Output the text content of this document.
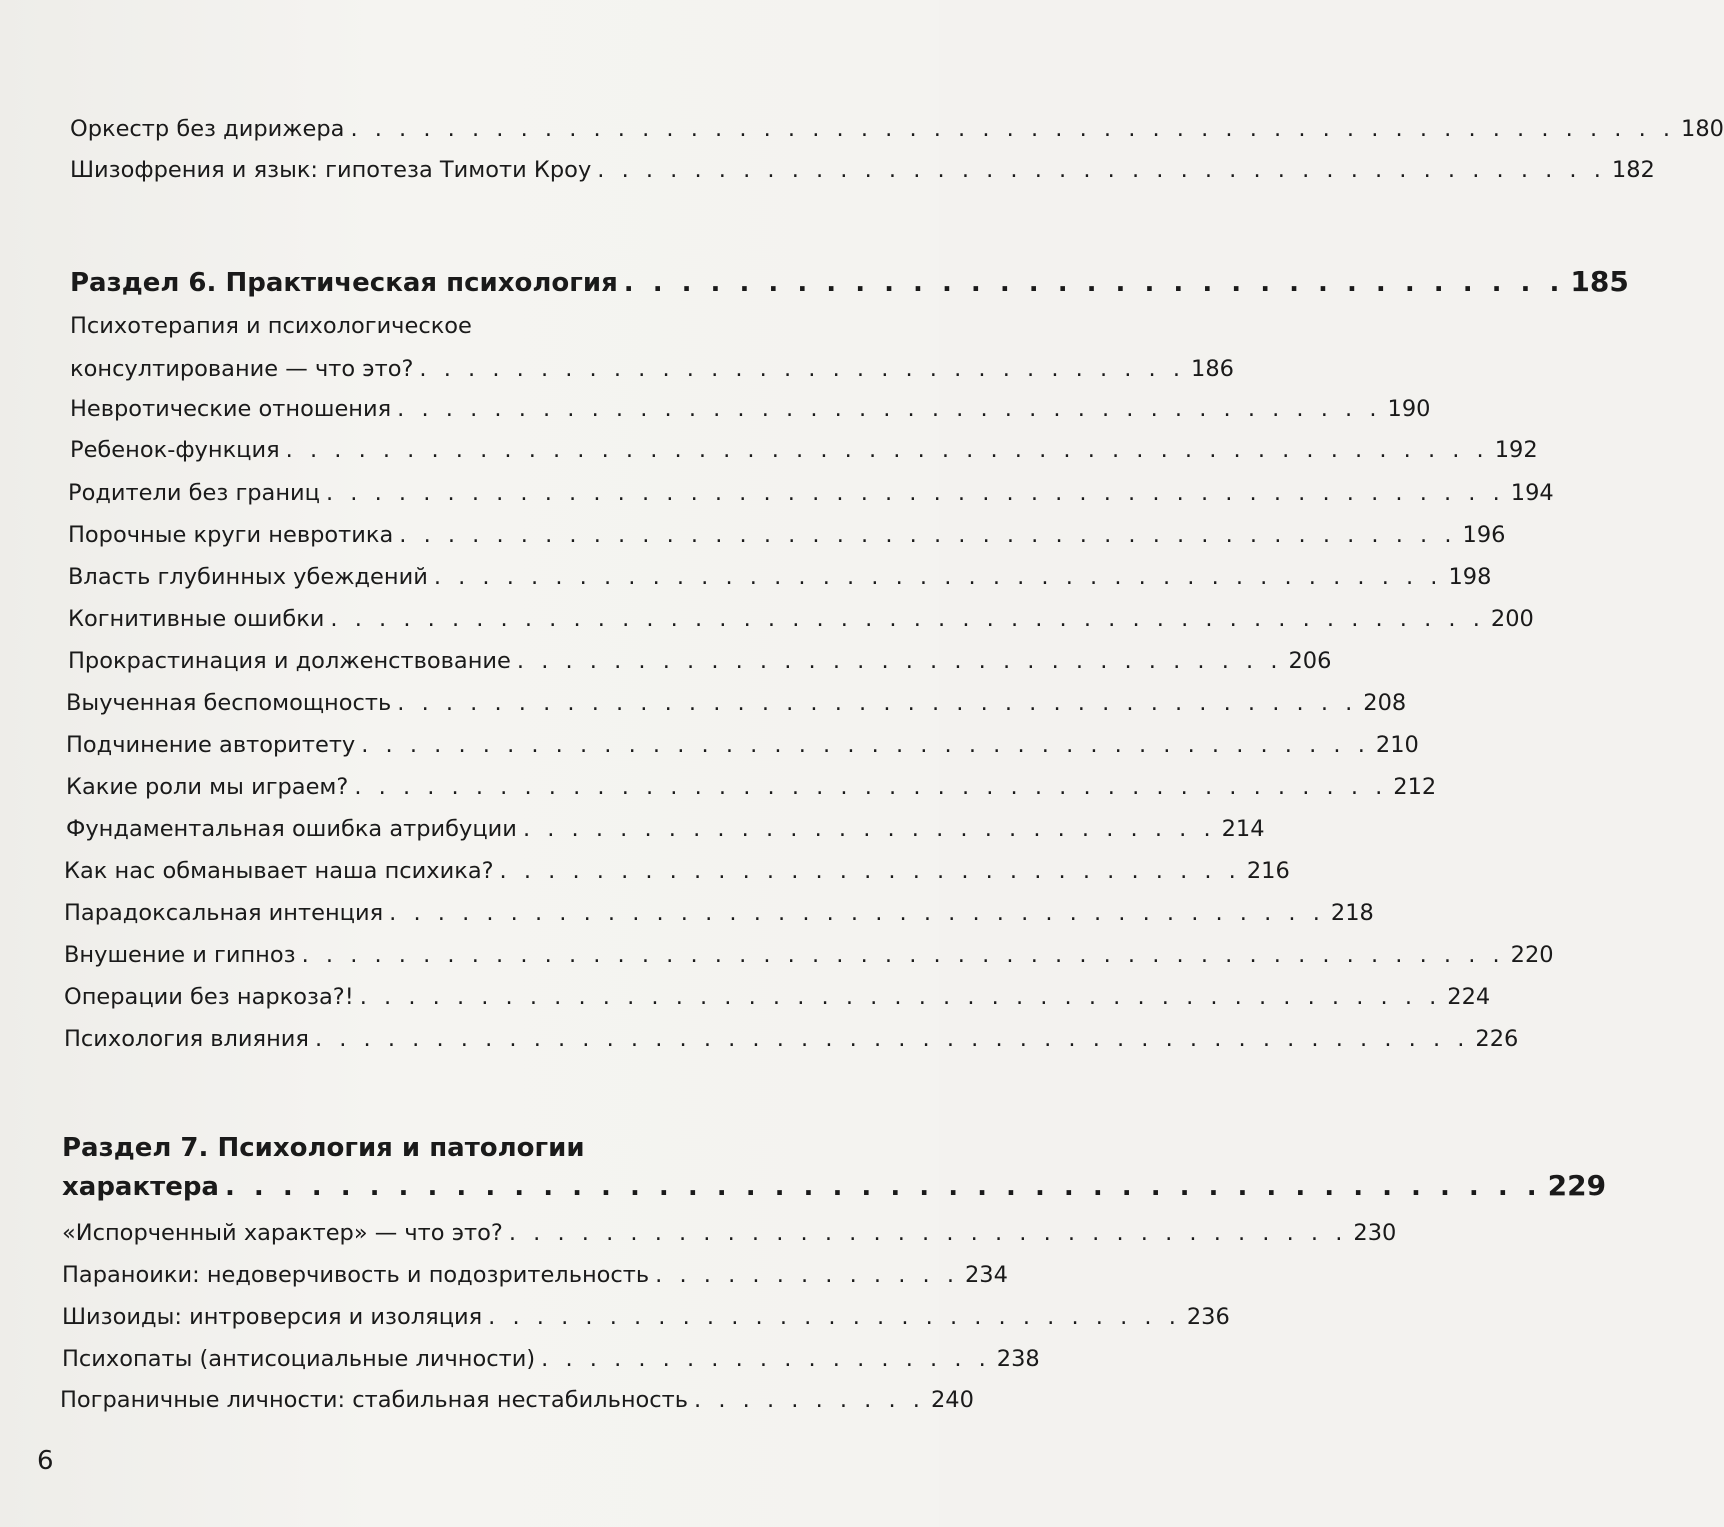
Оркестр без дирижера . . . . . . . . . . . . . . . . . . . . . . . . . . . . . . . . . . . . . . . . . . . . . . . . . . . . . . . 180
Шизофрения и язык: гипотеза Тимоти Кроу . . . . . . . . . . . . . . . . . . . . . . . . . . . . . . . . . . . . . . . . . . 182
Раздел 6. Практическая психология . . . . . . . . . . . . . . . . . . . . . . . . . . . . . . . . . 185
Психотерапия и психологическое
консултирование — что это? . . . . . . . . . . . . . . . . . . . . . . . . . . . . . . . . 186
Невротические отношения . . . . . . . . . . . . . . . . . . . . . . . . . . . . . . . . . . . . . . . . . 190
Ребенок-функция . . . . . . . . . . . . . . . . . . . . . . . . . . . . . . . . . . . . . . . . . . . . . . . . . . 192
Родители без границ . . . . . . . . . . . . . . . . . . . . . . . . . . . . . . . . . . . . . . . . . . . . . . . . . 194
Порочные круги невротика . . . . . . . . . . . . . . . . . . . . . . . . . . . . . . . . . . . . . . . . . . . . 196
Власть глубинных убеждений . . . . . . . . . . . . . . . . . . . . . . . . . . . . . . . . . . . . . . . . . . 198
Когнитивные ошибки . . . . . . . . . . . . . . . . . . . . . . . . . . . . . . . . . . . . . . . . . . . . . . . . 200
Прокрастинация и долженствование . . . . . . . . . . . . . . . . . . . . . . . . . . . . . . . . 206
Выученная беспомощность . . . . . . . . . . . . . . . . . . . . . . . . . . . . . . . . . . . . . . . . 208
Подчинение авторитету . . . . . . . . . . . . . . . . . . . . . . . . . . . . . . . . . . . . . . . . . . 210
Какие роли мы играем? . . . . . . . . . . . . . . . . . . . . . . . . . . . . . . . . . . . . . . . . . . . 212
Фундаментальная ошибка атрибуции . . . . . . . . . . . . . . . . . . . . . . . . . . . . . 214
Как нас обманывает наша психика? . . . . . . . . . . . . . . . . . . . . . . . . . . . . . . . 216
Парадоксальная интенция . . . . . . . . . . . . . . . . . . . . . . . . . . . . . . . . . . . . . . . 218
Внушение и гипноз . . . . . . . . . . . . . . . . . . . . . . . . . . . . . . . . . . . . . . . . . . . . . . . . . . 220
Операции без наркоза?! . . . . . . . . . . . . . . . . . . . . . . . . . . . . . . . . . . . . . . . . . . . . . 224
Психология влияния . . . . . . . . . . . . . . . . . . . . . . . . . . . . . . . . . . . . . . . . . . . . . . . . 226
Раздел 7. Психология и патологии
характера . . . . . . . . . . . . . . . . . . . . . . . . . . . . . . . . . . . . . . . . . . . . . . 229
«Испорченный характер» — что это? . . . . . . . . . . . . . . . . . . . . . . . . . . . . . . . . . . . 230
Параноики: недоверчивость и подозрительность . . . . . . . . . . . . . 234
Шизоиды: интроверсия и изоляция . . . . . . . . . . . . . . . . . . . . . . . . . . . . . 236
Психопаты (антисоциальные личности) . . . . . . . . . . . . . . . . . . . 238
Пограничные личности: стабильная нестабильность . . . . . . . . . . 240
6
